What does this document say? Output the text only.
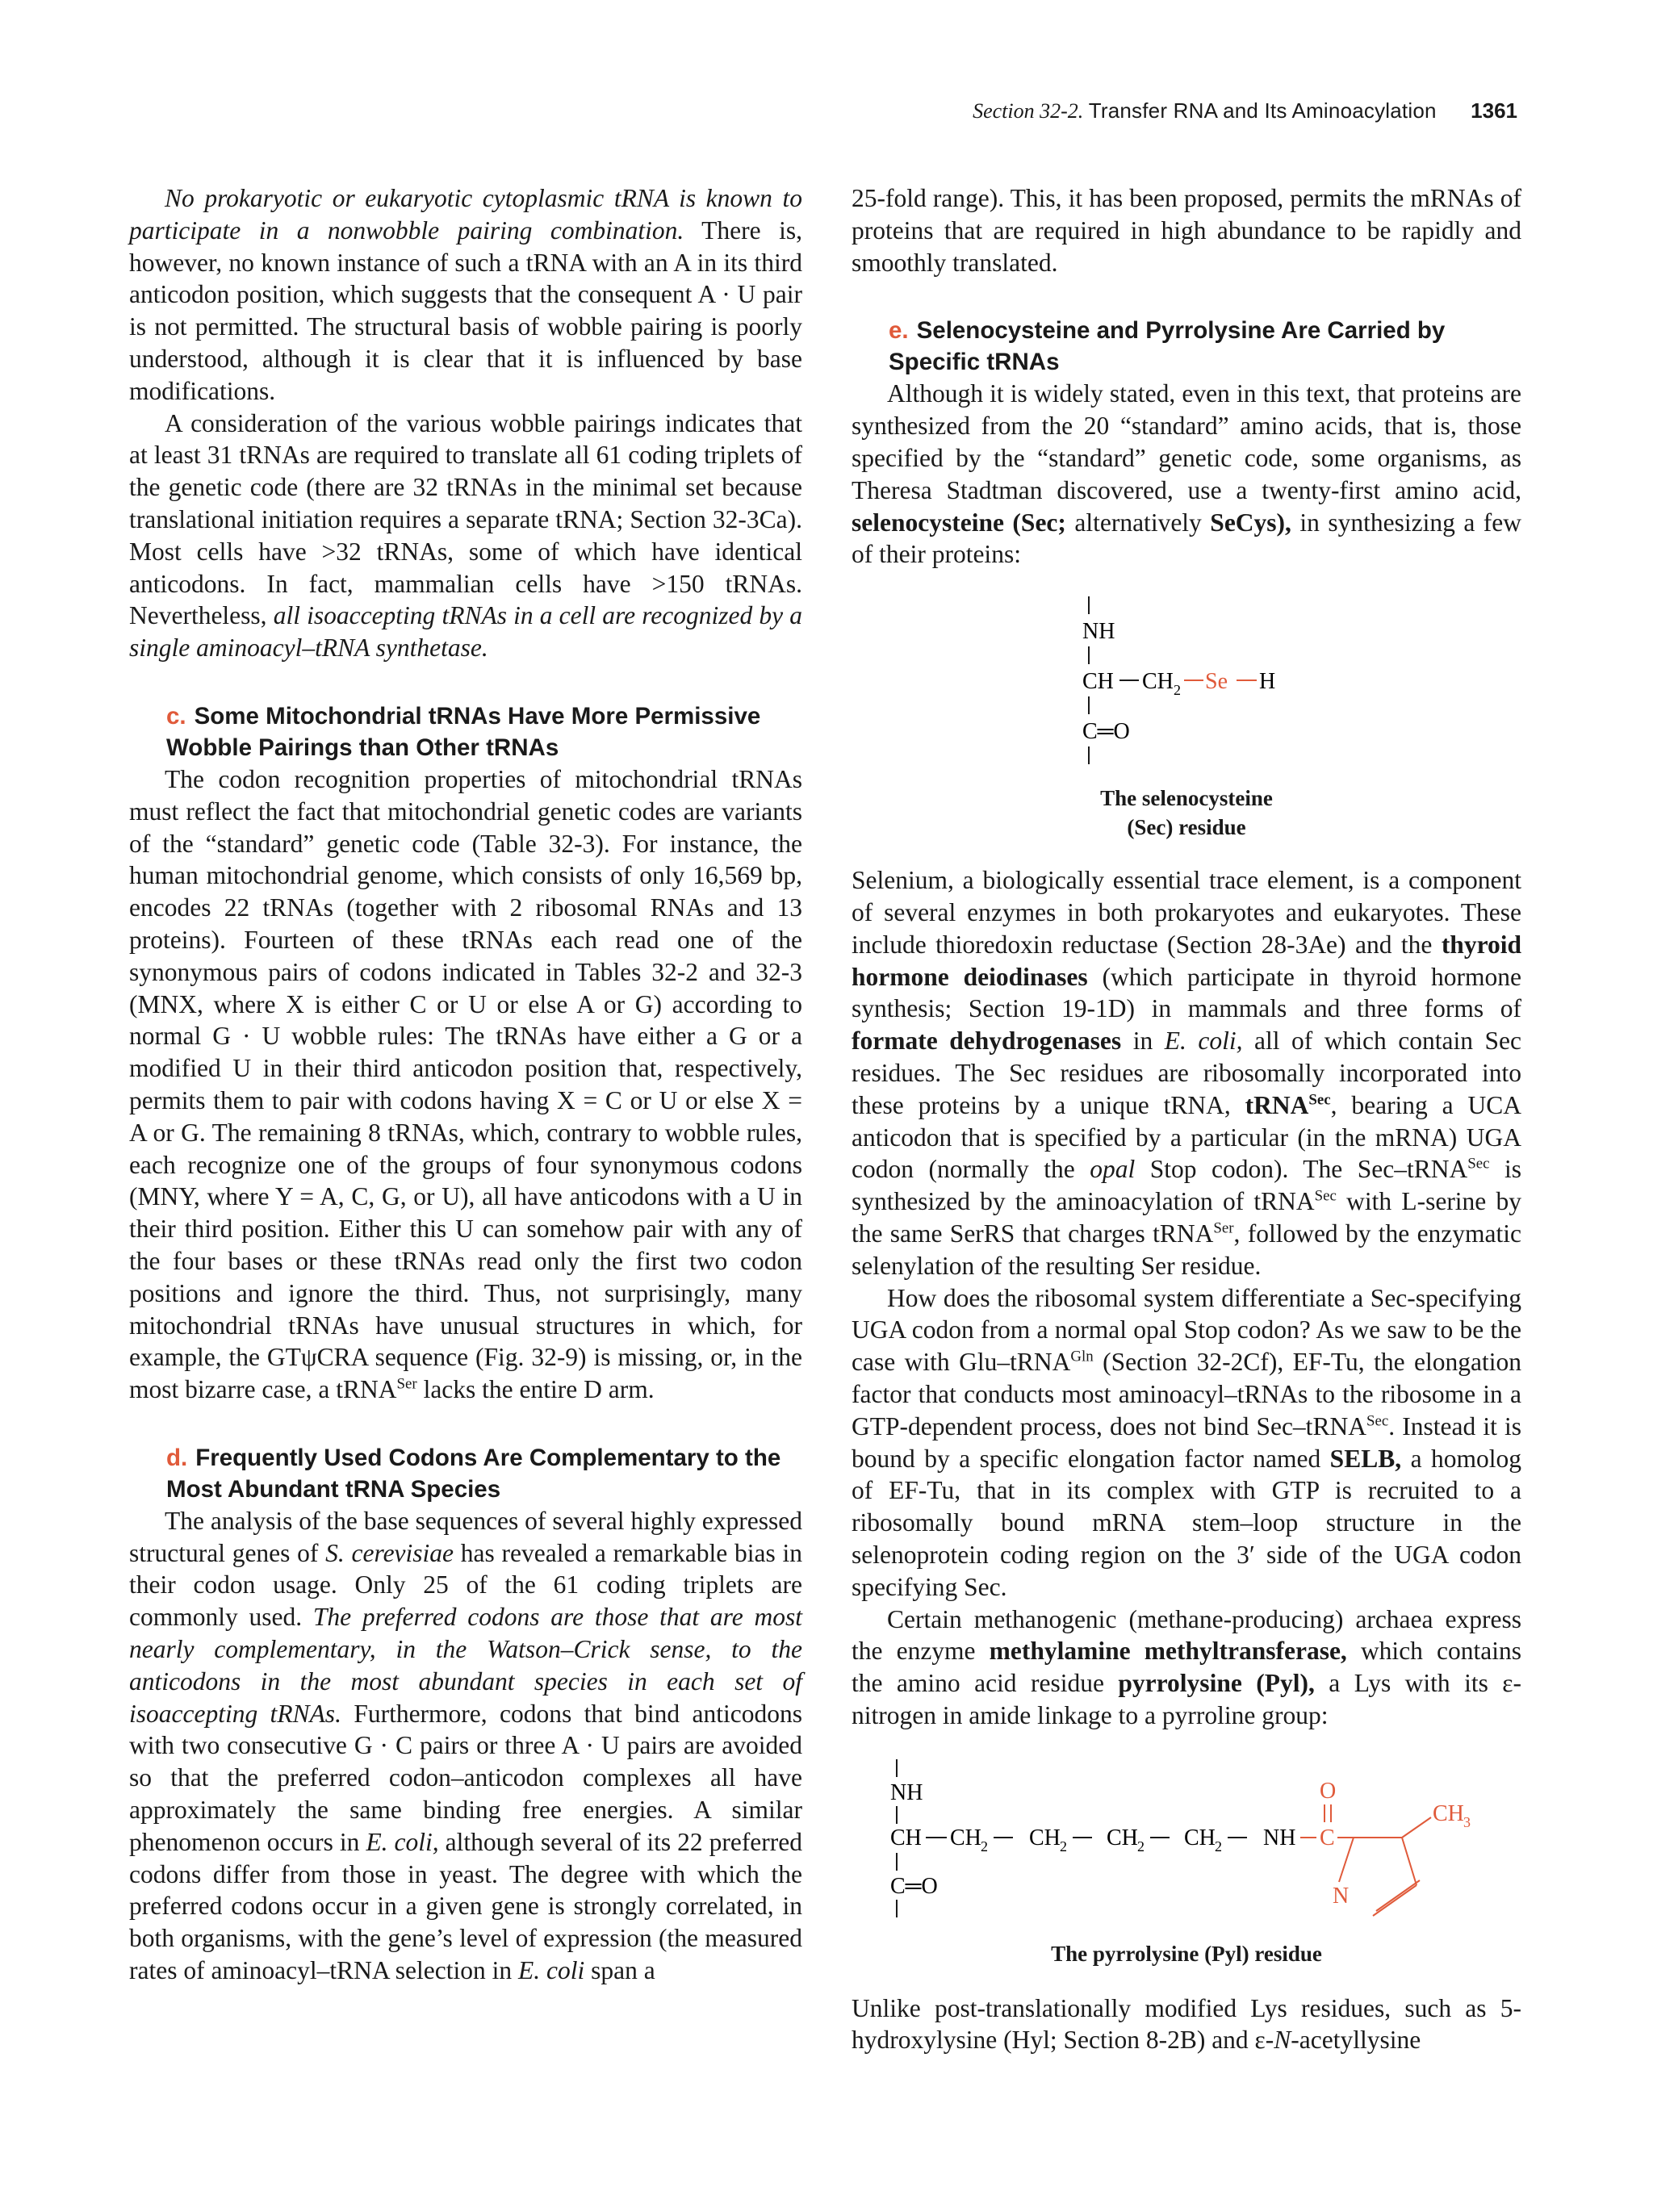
Section 32-2. Transfer RNA and Its Aminoacylation 1361

No prokaryotic or eukaryotic cytoplasmic tRNA is known to participate in a nonwobble pairing combination. There is, however, no known instance of such a tRNA with an A in its third anticodon position, which suggests that the consequent A · U pair is not permitted. The structural basis of wobble pairing is poorly understood, although it is clear that it is influenced by base modifications.

A consideration of the various wobble pairings indicates that at least 31 tRNAs are required to translate all 61 coding triplets of the genetic code (there are 32 tRNAs in the minimal set because translational initiation requires a separate tRNA; Section 32-3Ca). Most cells have >32 tRNAs, some of which have identical anticodons. In fact, mammalian cells have >150 tRNAs. Nevertheless, all isoaccepting tRNAs in a cell are recognized by a single aminoacyl–tRNA synthetase.

c. Some Mitochondrial tRNAs Have More Permissive Wobble Pairings than Other tRNAs

The codon recognition properties of mitochondrial tRNAs must reflect the fact that mitochondrial genetic codes are variants of the “standard” genetic code (Table 32-3). For instance, the human mitochondrial genome, which consists of only 16,569 bp, encodes 22 tRNAs (together with 2 ribosomal RNAs and 13 proteins). Fourteen of these tRNAs each read one of the synonymous pairs of codons indicated in Tables 32-2 and 32-3 (MNX, where X is either C or U or else A or G) according to normal G · U wobble rules: The tRNAs have either a G or a modified U in their third anticodon position that, respectively, permits them to pair with codons having X = C or U or else X = A or G. The remaining 8 tRNAs, which, contrary to wobble rules, each recognize one of the groups of four synonymous codons (MNY, where Y = A, C, G, or U), all have anticodons with a U in their third position. Either this U can somehow pair with any of the four bases or these tRNAs read only the first two codon positions and ignore the third. Thus, not surprisingly, many mitochondrial tRNAs have unusual structures in which, for example, the GTψCRA sequence (Fig. 32-9) is missing, or, in the most bizarre case, a tRNA$^{Ser}$ lacks the entire D arm.

d. Frequently Used Codons Are Complementary to the Most Abundant tRNA Species

The analysis of the base sequences of several highly expressed structural genes of S. cerevisiae has revealed a remarkable bias in their codon usage. Only 25 of the 61 coding triplets are commonly used. The preferred codons are those that are most nearly complementary, in the Watson–Crick sense, to the anticodons in the most abundant species in each set of isoaccepting tRNAs. Furthermore, codons that bind anticodons with two consecutive G · C pairs or three A · U pairs are avoided so that the preferred codon–anticodon complexes all have approximately the same binding free energies. A similar phenomenon occurs in E. coli, although several of its 22 preferred codons differ from those in yeast. The degree with which the preferred codons occur in a given gene is strongly correlated, in both organisms, with the gene’s level of expression (the measured rates of aminoacyl–tRNA selection in E. coli span a

25-fold range). This, it has been proposed, permits the mRNAs of proteins that are required in high abundance to be rapidly and smoothly translated.

e. Selenocysteine and Pyrrolysine Are Carried by Specific tRNAs

Although it is widely stated, even in this text, that proteins are synthesized from the 20 “standard” amino acids, that is, those specified by the “standard” genetic code, some organisms, as Theresa Stadtman discovered, use a twenty-first amino acid, selenocysteine (Sec; alternatively SeCys), in synthesizing a few of their proteins:

NH
CH CH 2 Se H
C═O
The selenocysteine
(Sec) residue

Selenium, a biologically essential trace element, is a component of several enzymes in both prokaryotes and eukaryotes. These include thioredoxin reductase (Section 28-3Ae) and the thyroid hormone deiodinases (which participate in thyroid hormone synthesis; Section 19-1D) in mammals and three forms of formate dehydrogenases in E. coli, all of which contain Sec residues. The Sec residues are ribosomally incorporated into these proteins by a unique tRNA, tRNA$^{Sec}$, bearing a UCA anticodon that is specified by a particular (in the mRNA) UGA codon (normally the opal Stop codon). The Sec–tRNA$^{Sec}$ is synthesized by the aminoacylation of tRNA$^{Sec}$ with L-serine by the same SerRS that charges tRNA$^{Ser}$, followed by the enzymatic selenylation of the resulting Ser residue.

How does the ribosomal system differentiate a Sec-specifying UGA codon from a normal opal Stop codon? As we saw to be the case with Glu–tRNA$^{Gln}$ (Section 32-2Cf), EF-Tu, the elongation factor that conducts most aminoacyl–tRNAs to the ribosome in a GTP-dependent process, does not bind Sec–tRNA$^{Sec}$. Instead it is bound by a specific elongation factor named SELB, a homolog of EF-Tu, that in its complex with GTP is recruited to a ribosomally bound mRNA stem–loop structure in the selenoprotein coding region on the 3′ side of the UGA codon specifying Sec.

Certain methanogenic (methane-producing) archaea express the enzyme methylamine methyltransferase, which contains the amino acid residue pyrrolysine (Pyl), a Lys with its ε-nitrogen in amide linkage to a pyrroline group:

NH
CH CH 2 CH 2 CH 2 CH 2 NH C
O
N
CH 3
C═O
The pyrrolysine (Pyl) residue

Unlike post-translationally modified Lys residues, such as 5-hydroxylysine (Hyl; Section 8-2B) and ε-N-acetyllysine
